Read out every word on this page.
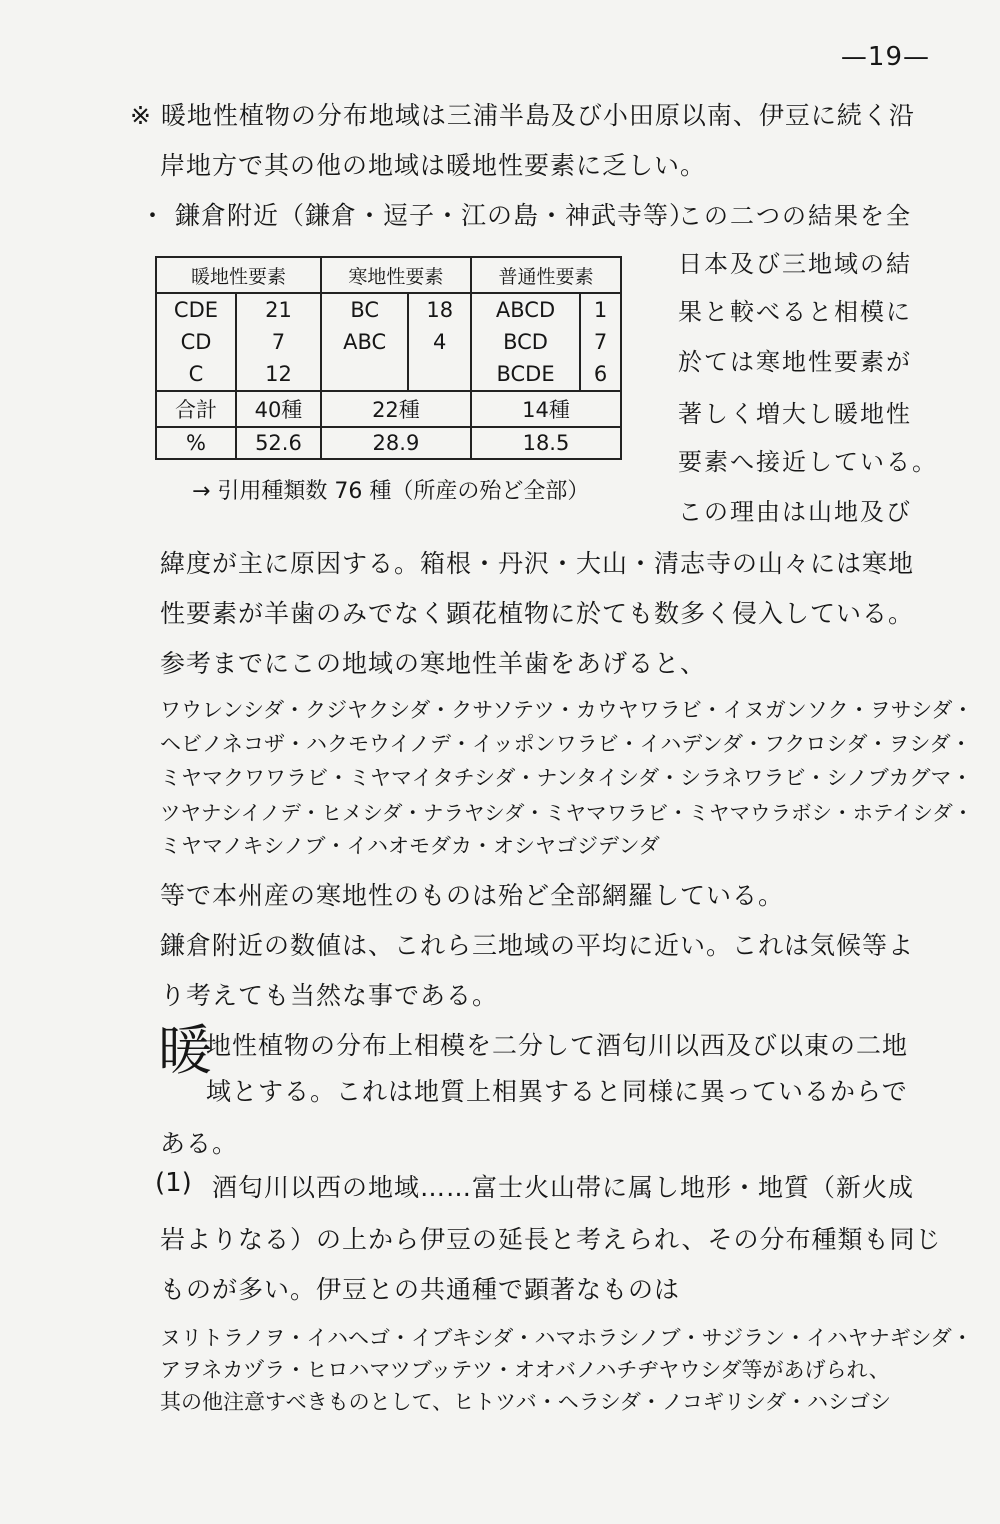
—19—
※ 暖地性植物の分布地域は三浦半島及び小田原以南、伊豆に続く沿
岸地方で其の他の地域は暖地性要素に乏しい。
・ 鎌倉附近（鎌倉・逗子・江の島・神武寺等）
この二つの結果を全
日本及び三地域の結
果と較べると相模に
於ては寒地性要素が
著しく増大し暖地性
要素へ接近している。
この理由は山地及び
暖地性要素		寒地性要素		普通性要素	
CDE	21	BC	18	ABCD	1
CD	7	ABC	4	BCD	7
C	12			BCDE	6
合計	40種	22種		14種	
%	52.6	28.9		18.5	
→ 引用種類数 76 種（所産の殆ど全部）
緯度が主に原因する。箱根・丹沢・大山・清志寺の山々には寒地
性要素が羊歯のみでなく顕花植物に於ても数多く侵入している。
参考までにこの地域の寒地性羊歯をあげると、
ワウレンシダ・クジヤクシダ・クサソテツ・カウヤワラビ・イヌガンソク・ヲサシダ・
ヘビノネコザ・ハクモウイノデ・イッポンワラビ・イハデンダ・フクロシダ・ヲシダ・
ミヤマクワワラビ・ミヤマイタチシダ・ナンタイシダ・シラネワラビ・シノブカグマ・
ツヤナシイノデ・ヒメシダ・ナラヤシダ・ミヤマワラビ・ミヤマウラボシ・ホテイシダ・
ミヤマノキシノブ・イハオモダカ・オシヤゴジデンダ
等で本州産の寒地性のものは殆ど全部網羅している。
鎌倉附近の数値は、これら三地域の平均に近い。これは気候等よ
り考えても当然な事である。
暖
地性植物の分布上相模を二分して酒匂川以西及び以東の二地
域とする。これは地質上相異すると同様に異っているからで
ある。
(1) 酒匂川以西の地域……富士火山帯に属し地形・地質（新火成
岩よりなる）の上から伊豆の延長と考えられ、その分布種類も同じ
ものが多い。伊豆との共通種で顕著なものは
ヌリトラノヲ・イハヘゴ・イブキシダ・ハマホラシノブ・サジラン・イハヤナギシダ・
アヲネカヅラ・ヒロハマツブッテツ・オオバノハチヂヤウシダ等があげられ、
其の他注意すべきものとして、ヒトツバ・ヘラシダ・ノコギリシダ・ハシゴシ
